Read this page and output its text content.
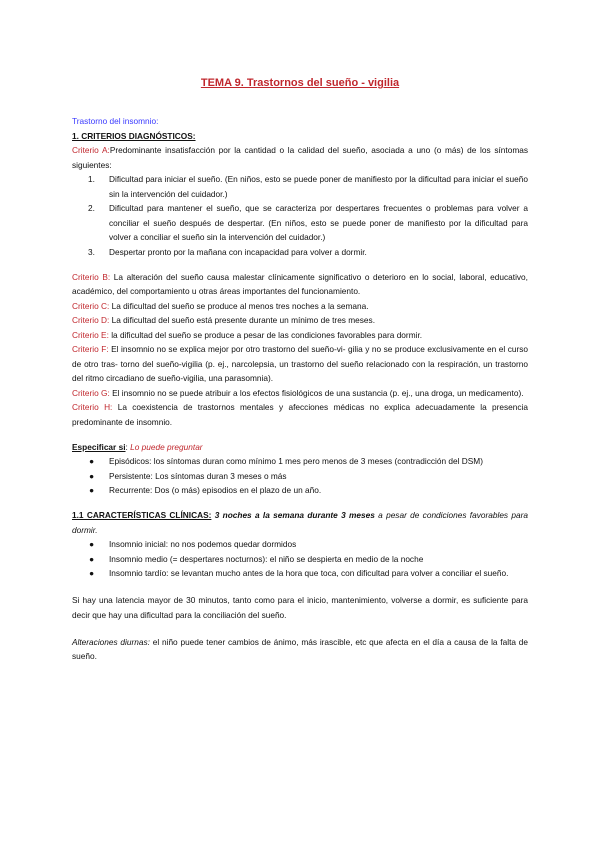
TEMA 9. Trastornos del sueño - vigilia

Trastorno del insomnio:

1. CRITERIOS DIAGNÓSTICOS:

Criterio A:Predominante insatisfacción por la cantidad o la calidad del sueño, asociada a uno (o más) de los síntomas siguientes:

1. Dificultad para iniciar el sueño. (En niños, esto se puede poner de manifiesto por la dificultad para iniciar el sueño sin la intervención del cuidador.)
2. Dificultad para mantener el sueño, que se caracteriza por despertares frecuentes o problemas para volver a conciliar el sueño después de despertar. (En niños, esto se puede poner de manifiesto por la dificultad para volver a conciliar el sueño sin la intervención del cuidador.)
3. Despertar pronto por la mañana con incapacidad para volver a dormir.

Criterio B: La alteración del sueño causa malestar clínicamente significativo o deterioro en lo social, laboral, educativo, académico, del comportamiento u otras áreas importantes del funcionamiento.

Criterio C: La dificultad del sueño se produce al menos tres noches a la semana.

Criterio D: La dificultad del sueño está presente durante un mínimo de tres meses.

Criterio E: la dificultad del sueño se produce a pesar de las condiciones favorables para dormir.

Criterio F: El insomnio no se explica mejor por otro trastorno del sueño-vi- gilia y no se produce exclusivamente en el curso de otro tras- torno del sueño-vigilia (p. ej., narcolepsia, un trastorno del sueño relacionado con la respiración, un trastorno del ritmo circadiano de sueño-vigilia, una parasomnia).

Criterio G: El insomnio no se puede atribuir a los efectos fisiológicos de una sustancia (p. ej., una droga, un medicamento).

Criterio H: La coexistencia de trastornos mentales y afecciones médicas no explica adecuadamente la presencia predominante de insomnio.

Especificar si: Lo puede preguntar

● Episódicos: los síntomas duran como mínimo 1 mes pero menos de 3 meses (contradicción del DSM)
● Persistente: Los síntomas duran 3 meses o más
● Recurrente: Dos (o más) episodios en el plazo de un año.

1.1 CARACTERÍSTICAS CLÍNICAS: 3 noches a la semana durante 3 meses a pesar de condiciones favorables para dormir.

● Insomnio inicial: no nos podemos quedar dormidos
● Insomnio medio (= despertares nocturnos): el niño se despierta en medio de la noche
● Insomnio tardío: se levantan mucho antes de la hora que toca, con dificultad para volver a conciliar el sueño.

Si hay una latencia mayor de 30 minutos, tanto como para el inicio, mantenimiento, volverse a dormir, es suficiente para decir que hay una dificultad para la conciliación del sueño.

Alteraciones diurnas: el niño puede tener cambios de ánimo, más irascible, etc que afecta en el día a causa de la falta de sueño.
